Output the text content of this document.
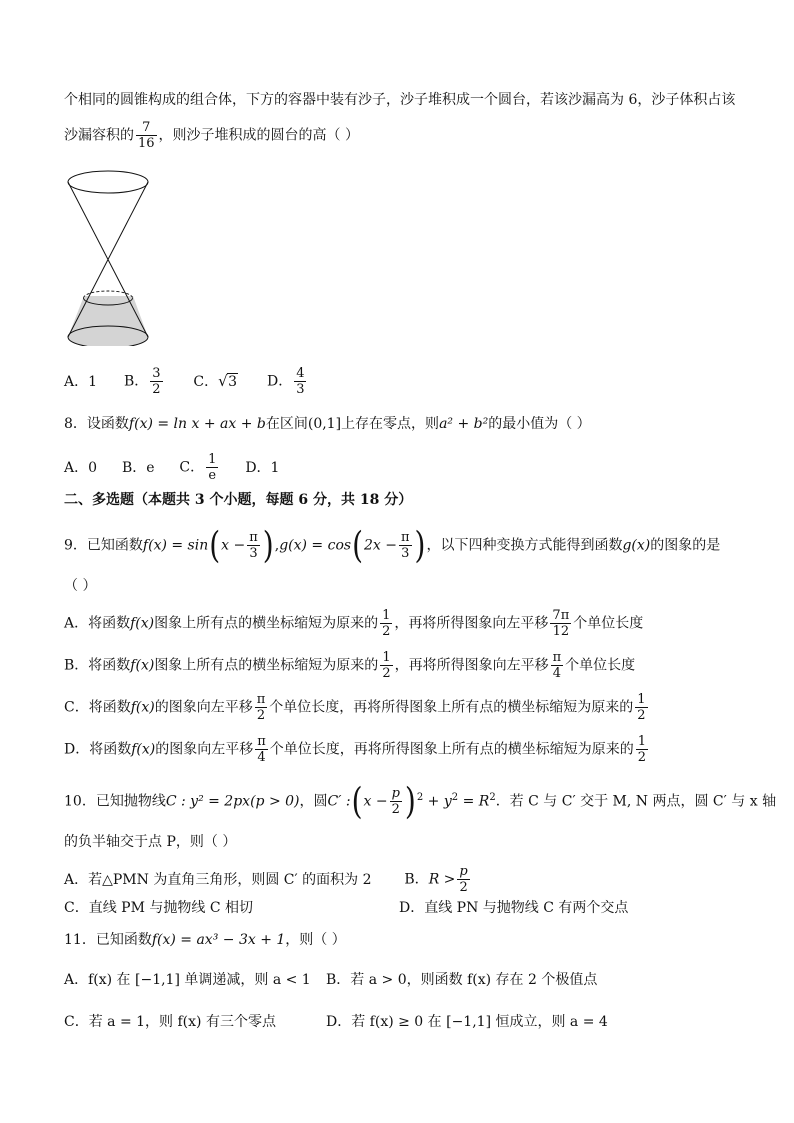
个相同的圆锥构成的组合体，下方的容器中装有沙子，沙子堆积成一个圆台，若该沙漏高为 6，沙子体积占该
沙漏容积的 $\frac{7}{16}$ ，则沙子堆积成的圆台的高（ ）
A．1 B． $\frac{3}{2}$ C．√ 3 D． $\frac{4}{3}$
8．设函数f(x) = ln x + ax + b在区间(0,1]上存在零点，则a² + b²的最小值为（ ）
A．0 B．e C． $\frac{1}{e}$ D．1
二、多选题（本题共 3 个小题，每题 6 分，共 18 分）
9．已知函数$f(x) = \sin(x - \frac{\pi}{3} ),g(x) = \cos(2x - \frac{\pi}{3}$ )，以下四种变换方式能得到函数g(x)的图象的是
（ ）
A．将函数f(x)图象上所有点的横坐标缩短为原来的 $\frac{1}{2}$ ，再将所得图象向左平移 $\frac{7\pi}{12}$ 个单位长度
B．将函数f(x)图象上所有点的横坐标缩短为原来的 $\frac{1}{2}$ ，再将所得图象向左平移 $\frac{\pi}{4}$ 个单位长度
C．将函数f(x)的图象向左平移 $\frac{\pi}{2}$ 个单位长度，再将所得图象上所有点的横坐标缩短为原来的 $\frac{1}{2}$
D．将函数f(x)的图象向左平移 $\frac{\pi}{4}$ 个单位长度，再将所得图象上所有点的横坐标缩短为原来的 $\frac{1}{2}$
10．已知抛物线C : y² = 2px(p > 0)，圆C′ :(x − $\frac{p}{2} )^2 + y^2 = R^2$．若 C 与 C′ 交于 M, N 两点，圆 C′ 与 x 轴
的负半轴交于点 P，则（ ）
A．若△PMN 为直角三角形，则圆 C′ 的面积为 2 B．$R > \frac{p}{2}$
C．直线 PM 与抛物线 C 相切	D．直线 PN 与抛物线 C 有两个交点
11．已知函数f(x) = ax³ − 3x + 1，则（ ）
A．f(x) 在 [−1,1] 单调递减，则 a < 1 B．若 a > 0，则函数 f(x) 存在 2 个极值点
C．若 a = 1，则 f(x) 有三个零点	D．若 f(x) ≥ 0 在 [−1,1] 恒成立，则 a = 4
